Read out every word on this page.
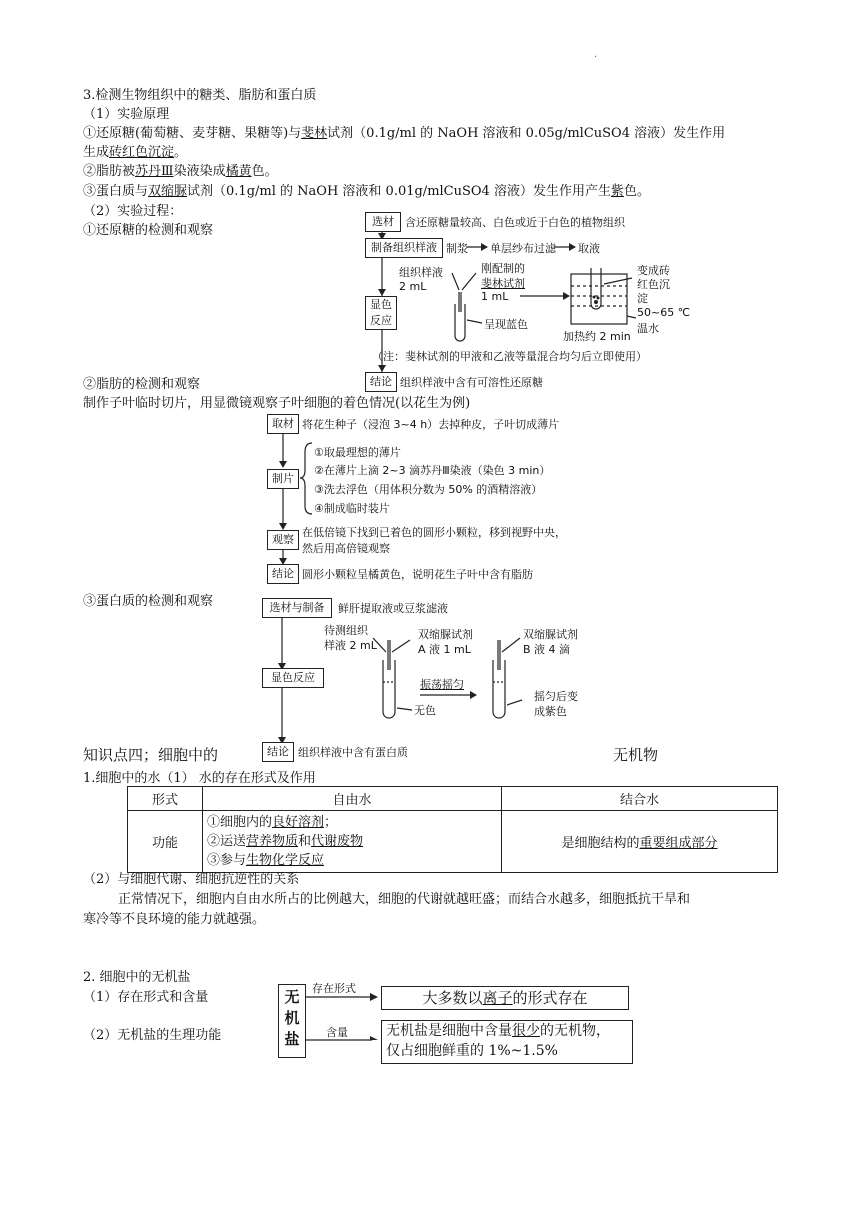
·
3.检测生物组织中的糖类、脂肪和蛋白质
（1）实验原理
①还原糖(葡萄糖、麦芽糖、果糖等)与斐林试剂（0.1g/ml 的 NaOH 溶液和 0.05g/mlCuSO4 溶液）发生作用
生成砖红色沉淀。
②脂肪被苏丹Ⅲ染液染成橘黄色。
③蛋白质与双缩脲试剂（0.1g/ml 的 NaOH 溶液和 0.01g/mlCuSO4 溶液）发生作用产生紫色。
（2）实验过程：
①还原糖的检测和观察
②脂肪的检测和观察
制作子叶临时切片，用显微镜观察子叶细胞的着色情况(以花生为例)
③蛋白质的检测和观察
选材	含还原糖量较高、白色或近于白色的植物组织
制备组织样液 制浆 单层纱布过滤 取液
组织样液
2 mL
刚配制的
斐林试剂
1 mL
呈现蓝色
变成砖
红色沉
淀
50~65 ℃
温水
加热约 2 min
显色
反应
（注：斐林试剂的甲液和乙液等量混合均匀后立即使用）
结论 组织样液中含有可溶性还原糖
取材 将花生种子（浸泡 3~4 h）去掉种皮，子叶切成薄片
制片
①取最理想的薄片
②在薄片上滴 2~3 滴苏丹Ⅲ染液（染色 3 min）
③洗去浮色（用体积分数为 50% 的酒精溶液）
④制成临时装片
观察
在低倍镜下找到已着色的圆形小颗粒，移到视野中央，
然后用高倍镜观察
结论 圆形小颗粒呈橘黄色，说明花生子叶中含有脂肪
选材与制备	鲜肝提取液或豆浆滤液
待测组织
样液 2 mL
双缩脲试剂
A 液 1 mL
双缩脲试剂
B 液 4 滴
振荡摇匀
无色
摇匀后变
成紫色
显色反应
结论 组织样液中含有蛋白质
知识点四；细胞中的	无机物
1.细胞中的水（1） 水的存在形式及作用
形式	自由水	结合水
功能	①细胞内的良好溶剂；
②运送营养物质和代谢废物
③参与生物化学反应	是细胞结构的重要组成部分
（2）与细胞代谢、细胞抗逆性的关系
正常情况下，细胞内自由水所占的比例越大，细胞的代谢就越旺盛；而结合水越多，细胞抵抗干旱和
寒冷等不良环境的能力就越强。
2. 细胞中的无机盐
（1）存在形式和含量
（2）无机盐的生理功能
无
机
盐
存在形式
含量
大多数以离子的形式存在
无机盐是细胞中含量很少的无机物，
仅占细胞鲜重的 1%~1.5%
